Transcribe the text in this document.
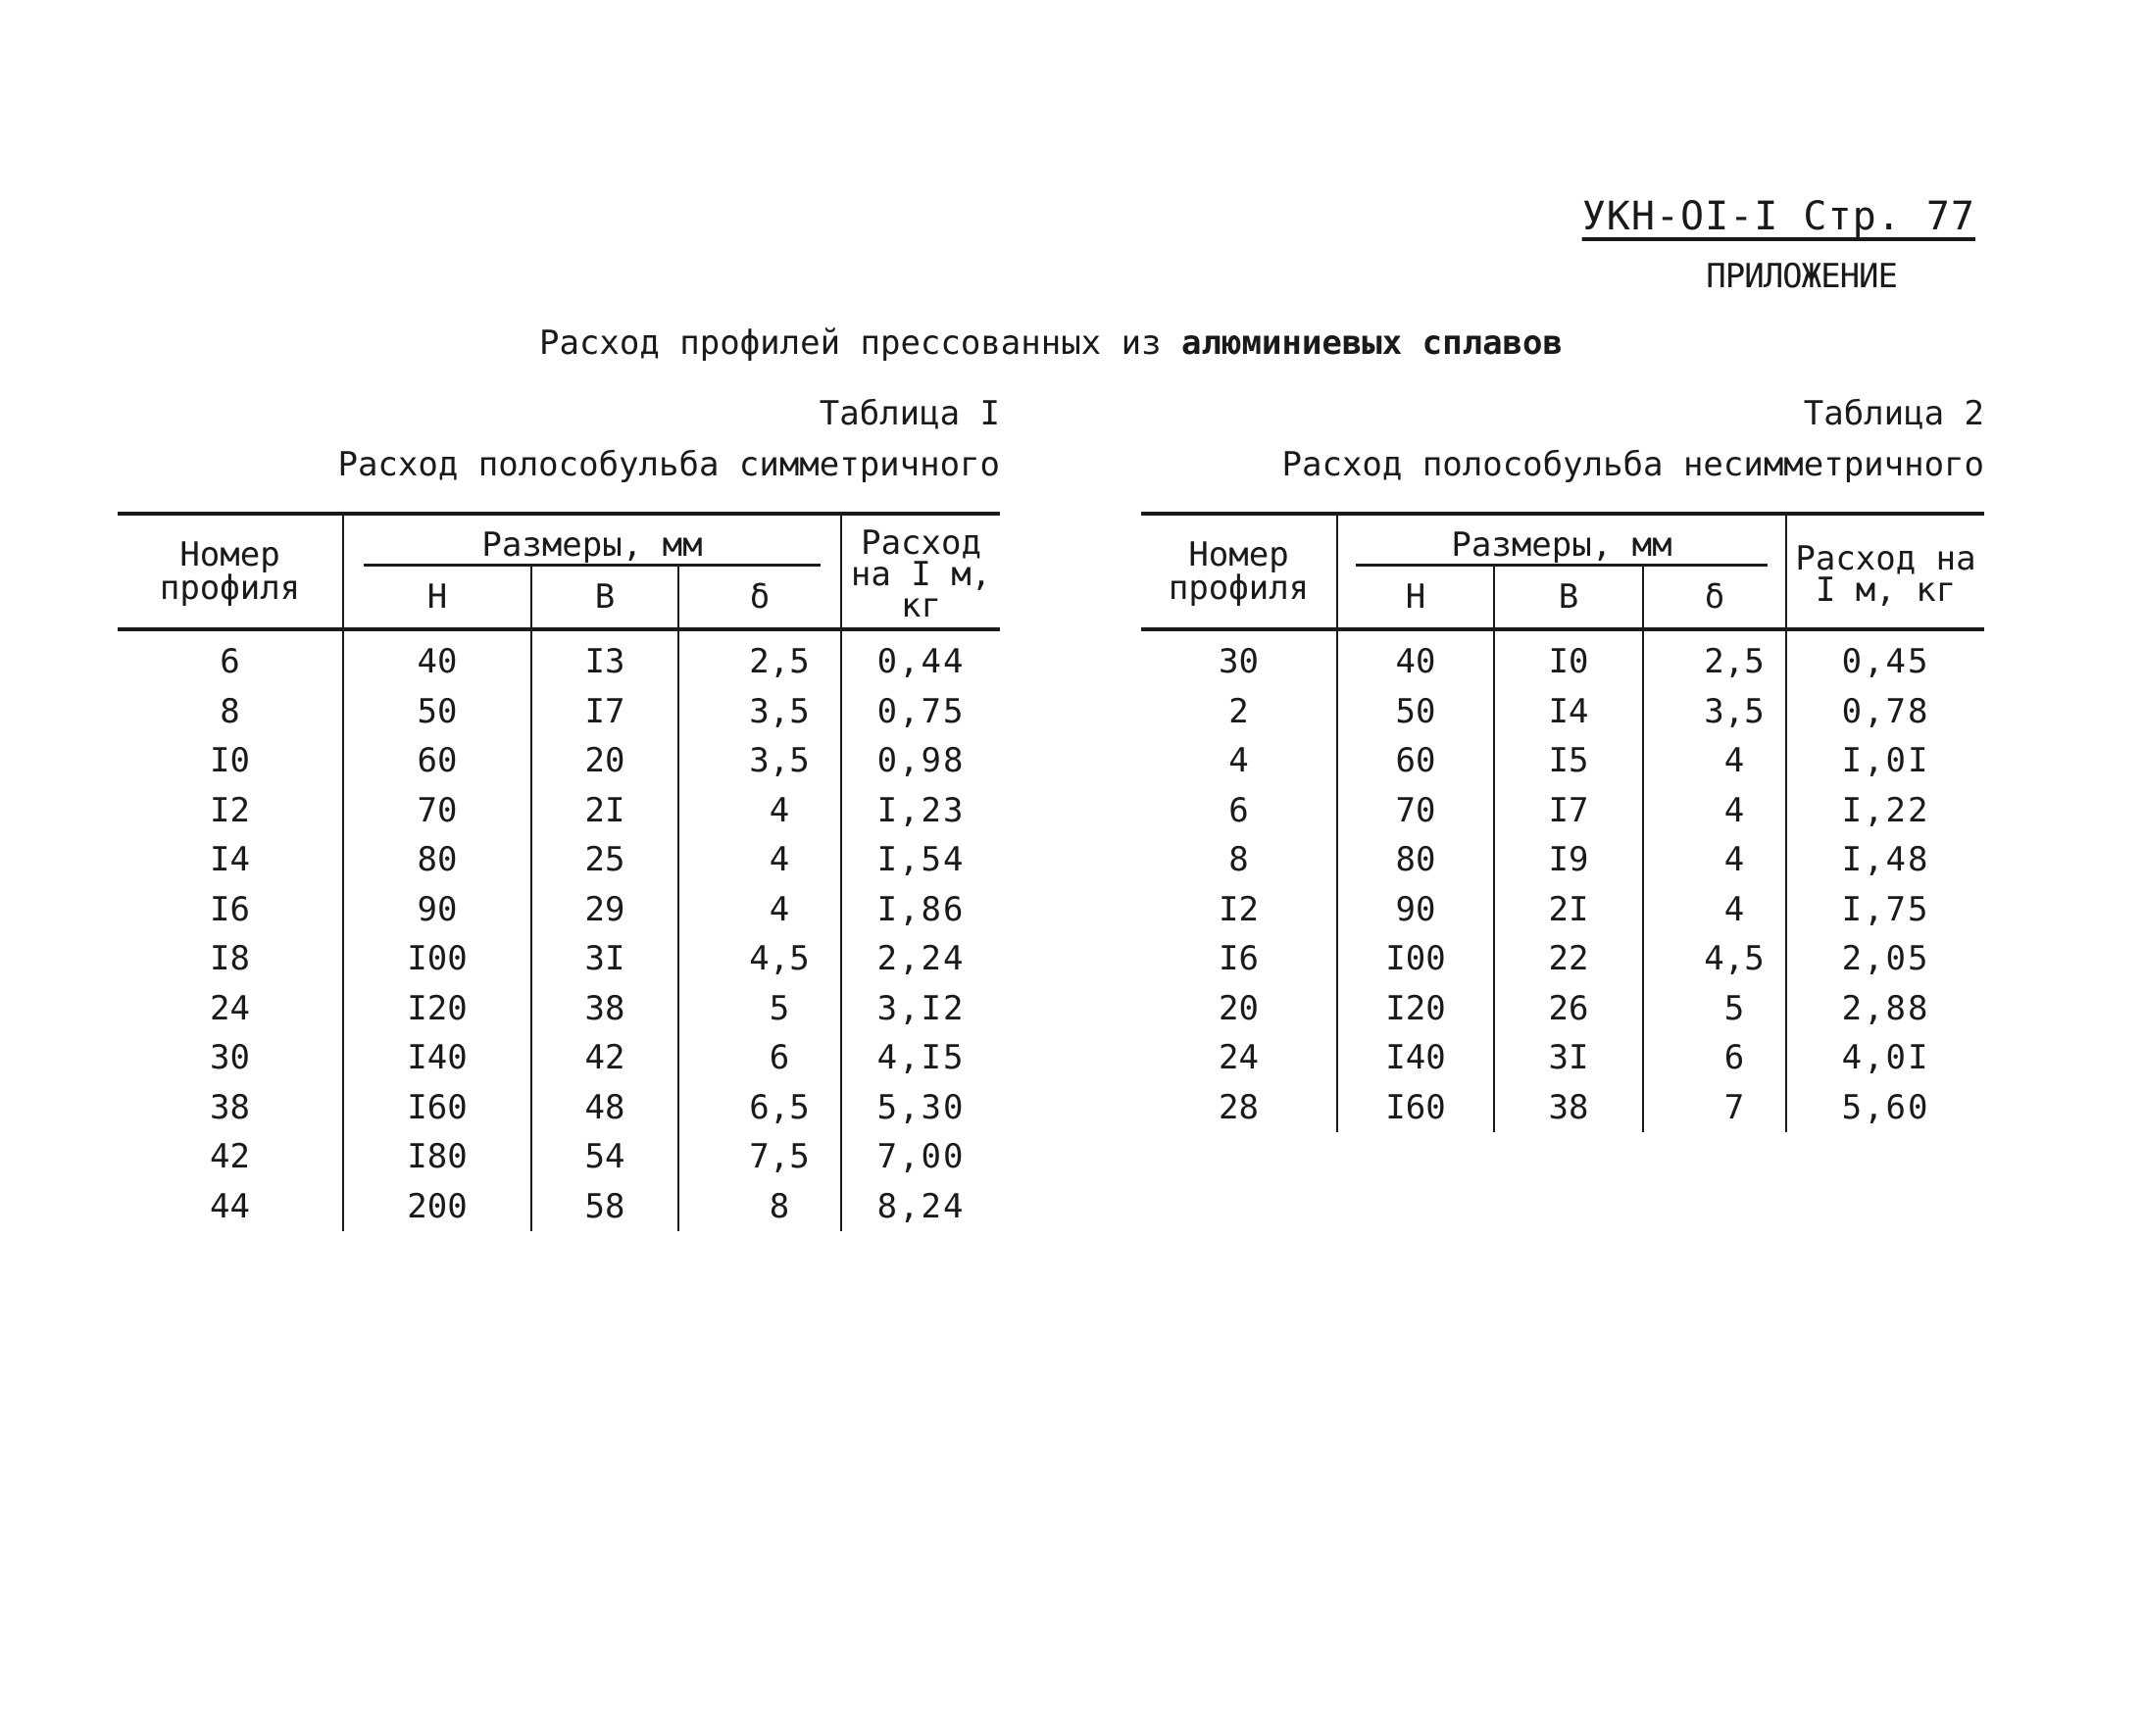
УКН-OI-I Стр. 77
ПРИЛОЖЕНИЕ
Расход профилей прессованных из алюминиевых сплавов
Таблица I
Расход полособульба симметричного
Номер профиля	Размеры, мм			Расход на I м, кг
	Н	В	δ	
6	40	I3	2,5	0,44
8	50	I7	3,5	0,75
I0	60	20	3,5	0,98
I2	70	2I	4	I,23
I4	80	25	4	I,54
I6	90	29	4	I,86
I8	I00	3I	4,5	2,24
24	I20	38	5	3,I2
30	I40	42	6	4,I5
38	I60	48	6,5	5,30
42	I80	54	7,5	7,00
44	200	58	8	8,24
Таблица 2
Расход полособульба несимметричного
Номер профиля	Размеры, мм			Расход на I м, кг
	Н	В	δ	
30	40	I0	2,5	0,45
2	50	I4	3,5	0,78
4	60	I5	4	I,0I
6	70	I7	4	I,22
8	80	I9	4	I,48
I2	90	2I	4	I,75
I6	I00	22	4,5	2,05
20	I20	26	5	2,88
24	I40	3I	6	4,0I
28	I60	38	7	5,60
